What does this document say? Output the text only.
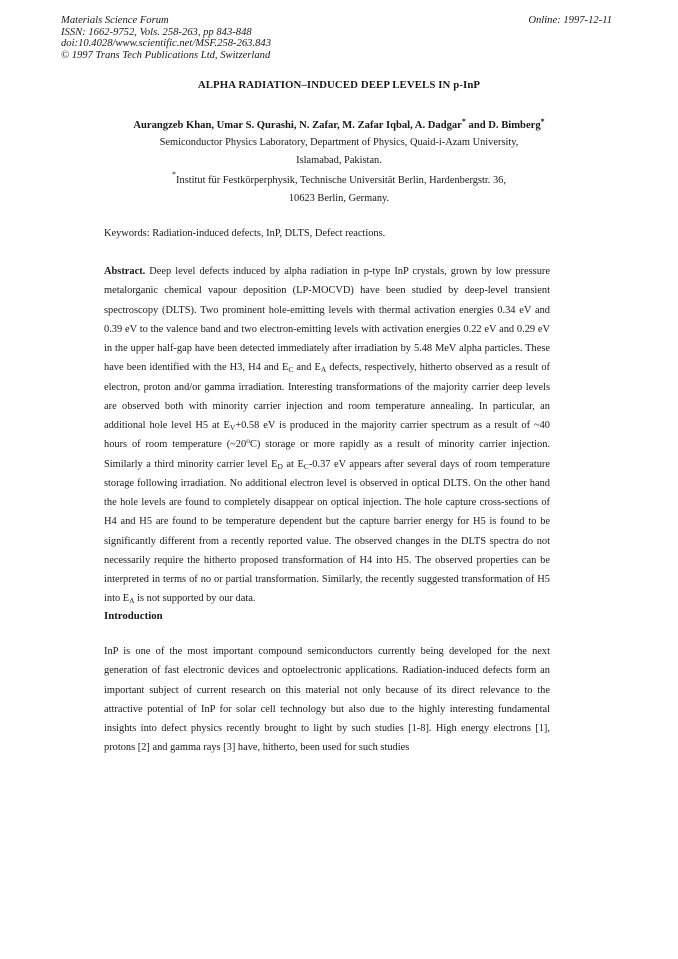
Materials Science Forum
ISSN: 1662-9752, Vols. 258-263, pp 843-848
doi:10.4028/www.scientific.net/MSF.258-263.843
© 1997 Trans Tech Publications Ltd, Switzerland
Online: 1997-12-11
ALPHA RADIATION–INDUCED DEEP LEVELS IN p-InP
Aurangzeb Khan, Umar S. Qurashi, N. Zafar, M. Zafar Iqbal, A. Dadgar* and D. Bimberg*
Semiconductor Physics Laboratory, Department of Physics, Quaid-i-Azam University,
Islamabad, Pakistan.
*Institut für Festkörperphysik, Technische Universität Berlin, Hardenbergstr. 36,
10623 Berlin, Germany.
Keywords: Radiation-induced defects, InP, DLTS, Defect reactions.
Abstract. Deep level defects induced by alpha radiation in p-type InP crystals, grown by low pressure metalorganic chemical vapour deposition (LP-MOCVD) have been studied by deep-level transient spectroscopy (DLTS). Two prominent hole-emitting levels with thermal activation energies 0.34 eV and 0.39 eV to the valence band and two electron-emitting levels with activation energies 0.22 eV and 0.29 eV in the upper half-gap have been detected immediately after irradiation by 5.48 MeV alpha particles. These have been identified with the H3, H4 and $E_C$ and $E_A$ defects, respectively, hitherto observed as a result of electron, proton and/or gamma irradiation. Interesting transformations of the majority carrier deep levels are observed both with minority carrier injection and room temperature annealing. In particular, an additional hole level H5 at $E_V+0.58$ eV is produced in the majority carrier spectrum as a result of ~40 hours of room temperature (~20$^o$C) storage or more rapidly as a result of minority carrier injection. Similarly a third minority carrier level $E_D$ at $E_C-0.37$ eV appears after several days of room temperature storage following irradiation. No additional electron level is observed in optical DLTS. On the other hand the hole levels are found to completely disappear on optical injection. The hole capture cross-sections of H4 and H5 are found to be temperature dependent but the capture barrier energy for H5 is found to be significantly different from a recently reported value. The observed changes in the DLTS spectra do not necessarily require the hitherto proposed transformation of H4 into H5. The observed properties can be interpreted in terms of no or partial transformation. Similarly, the recently suggested transformation of H5 into $E_A$ is not supported by our data.
Introduction
InP is one of the most important compound semiconductors currently being developed for the next generation of fast electronic devices and optoelectronic applications. Radiation-induced defects form an important subject of current research on this material not only because of its direct relevance to the attractive potential of InP for solar cell technology but also due to the highly interesting fundamental insights into defect physics recently brought to light by such studies [1-8]. High energy electrons [1], protons [2] and gamma rays [3] have, hitherto, been used for such studies
